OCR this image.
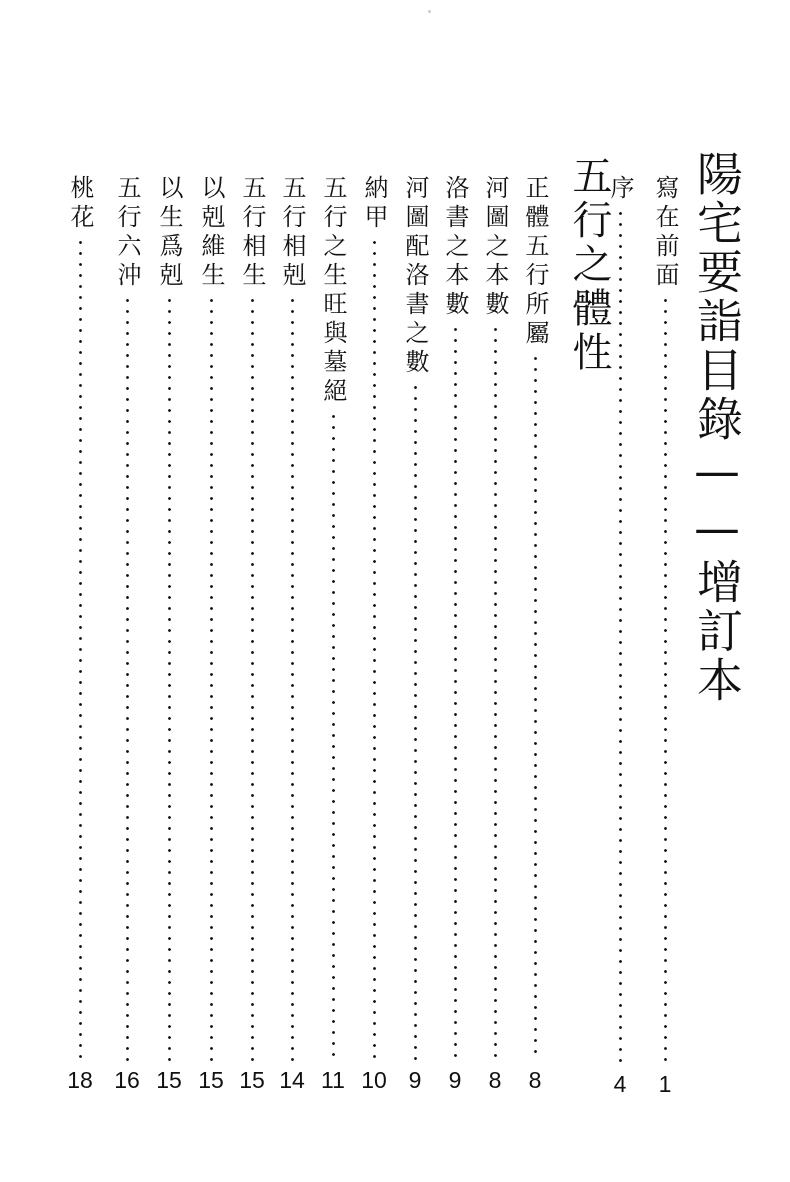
陽宅要詣目錄——增訂本
五行之體性 寫在前面
1
序
4
正體五行所屬
8
河圖之本數
8
洛書之本數
9
河圖配洛書之數
9
納甲
10
五行之生旺與墓絕
11
五行相剋
14
五行相生
15
以剋維生
15
以生爲剋
15
五行六沖
16
桃花
18
